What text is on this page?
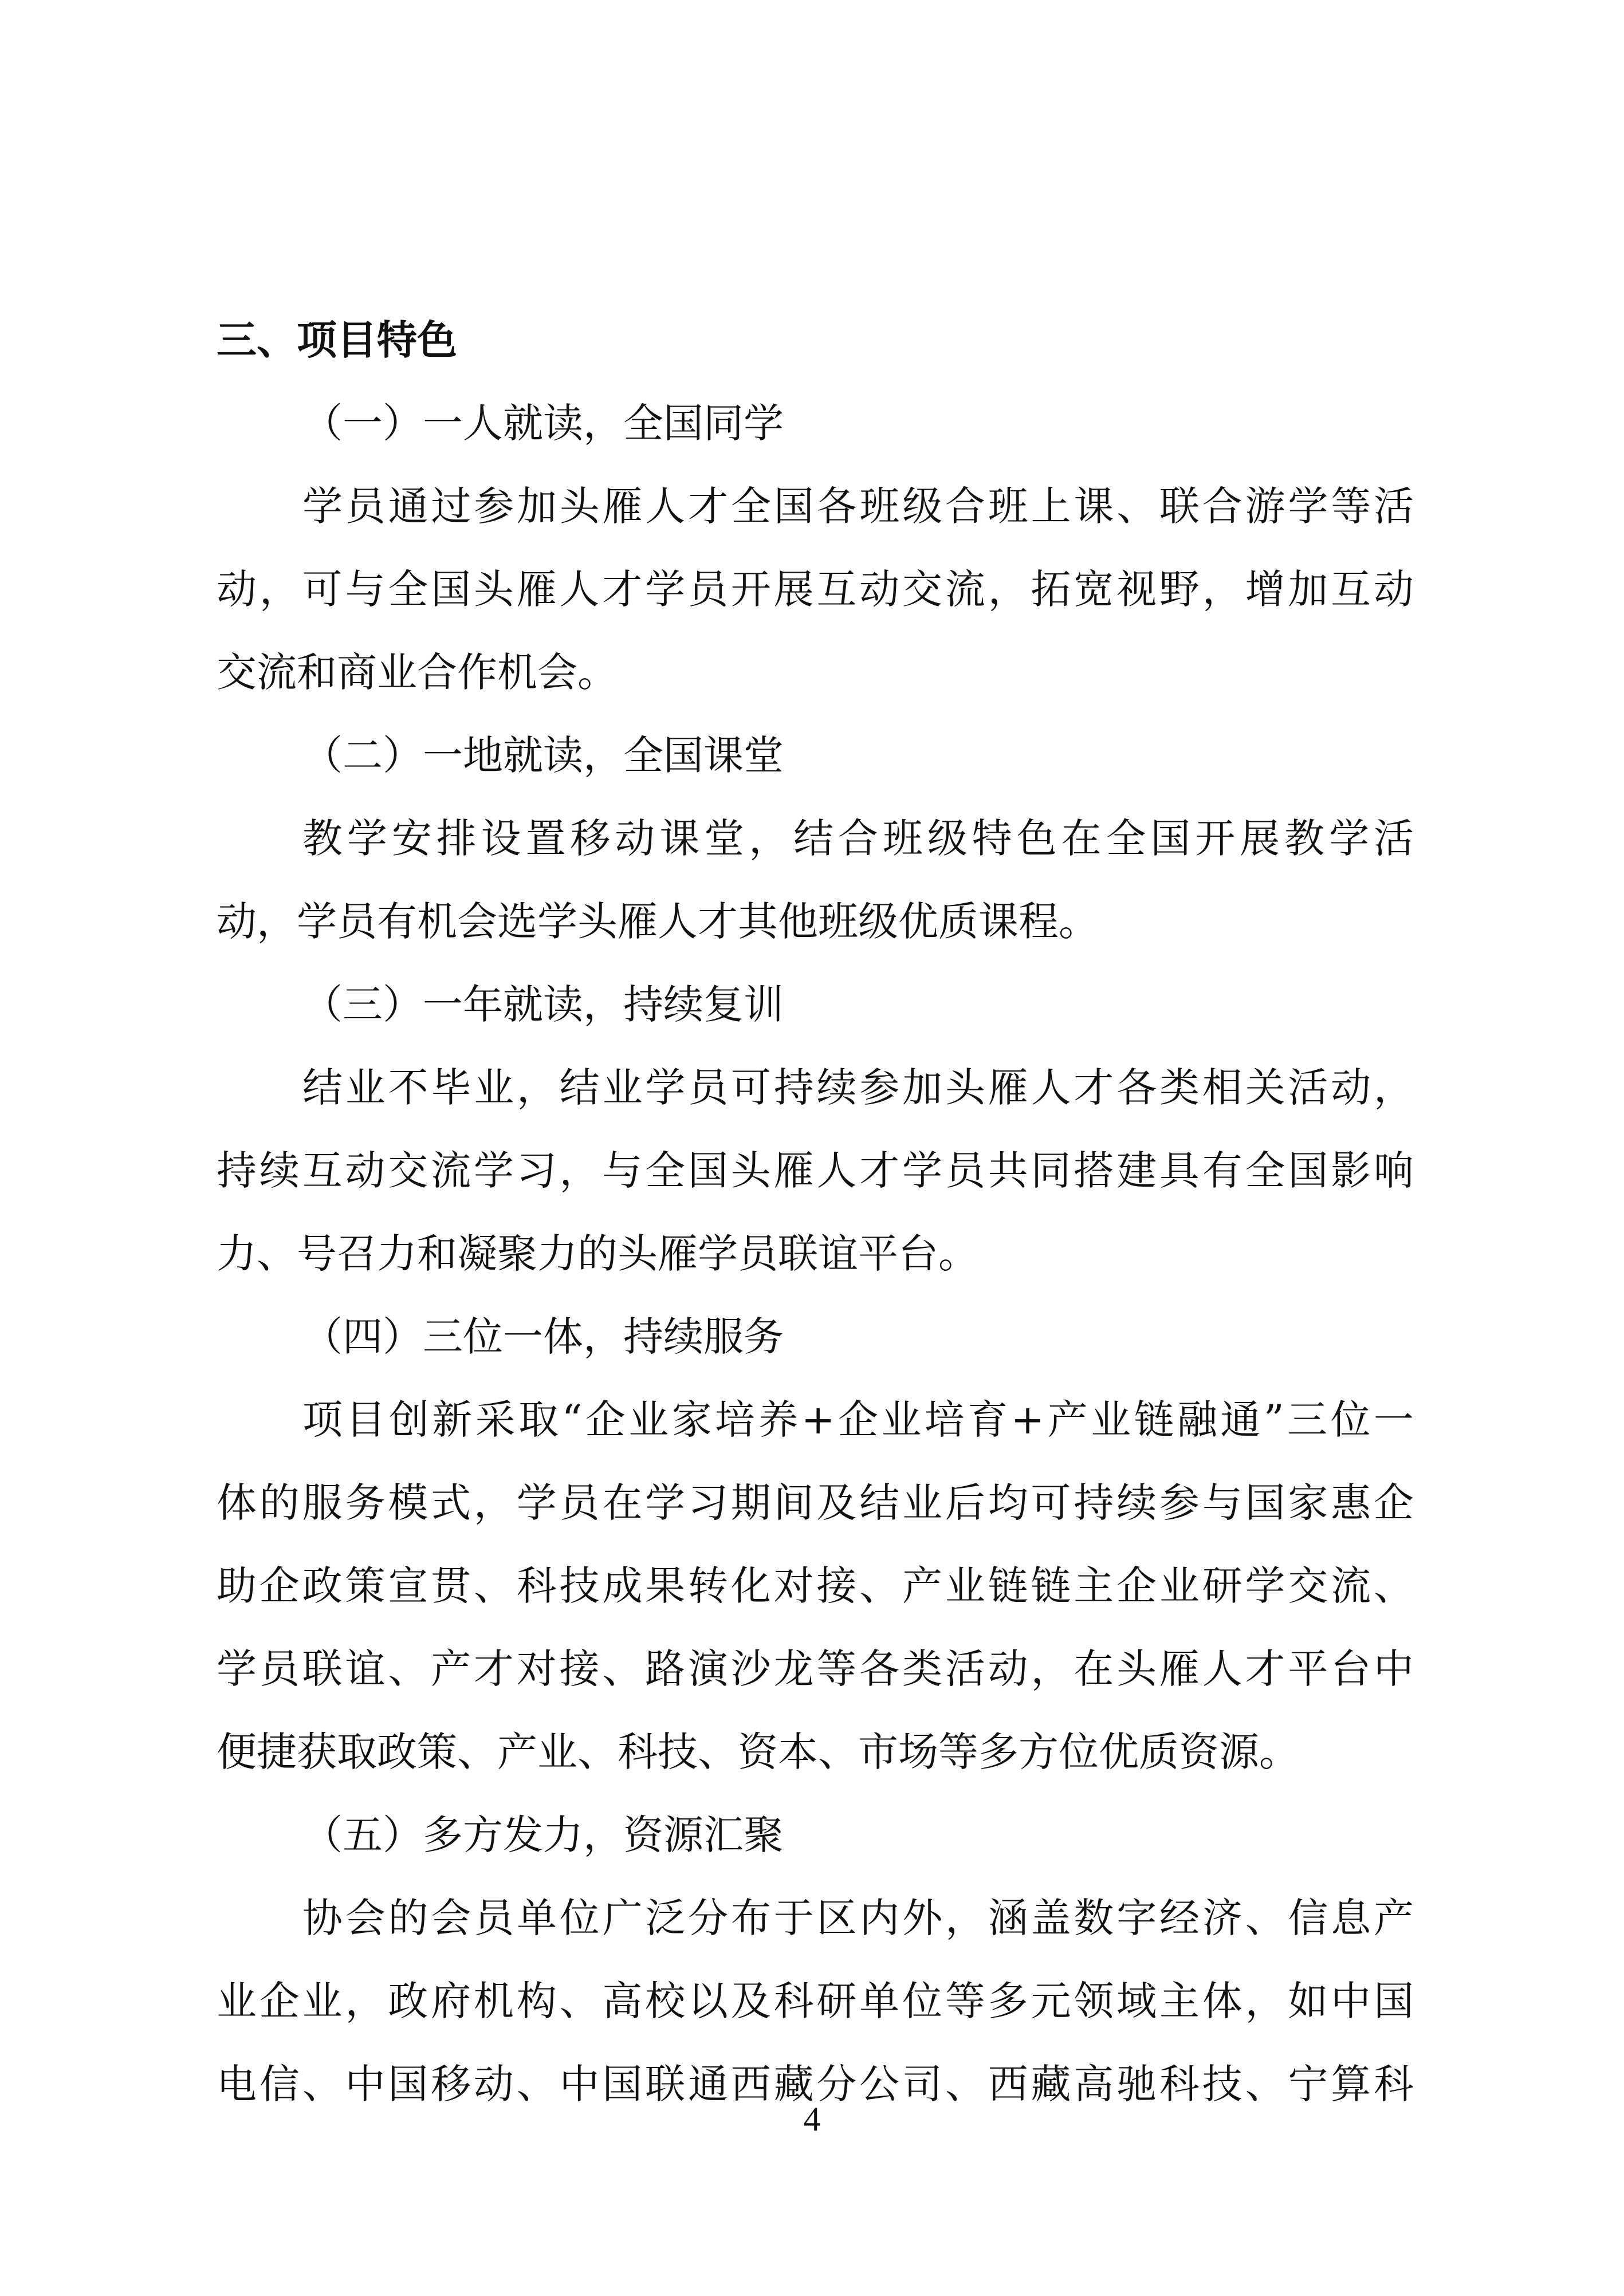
三、项目特色
（一）一人就读，全国同学
学员通过参加头雁人才全国各班级合班上课、联合游学等活
动，可与全国头雁人才学员开展互动交流，拓宽视野，增加互动
交流和商业合作机会。
（二）一地就读，全国课堂
教学安排设置移动课堂，结合班级特色在全国开展教学活
动，学员有机会选学头雁人才其他班级优质课程。
（三）一年就读，持续复训
结业不毕业，结业学员可持续参加头雁人才各类相关活动，
持续互动交流学习，与全国头雁人才学员共同搭建具有全国影响
力、号召力和凝聚力的头雁学员联谊平台。
（四）三位一体，持续服务
项目创新采取“企业家培养+企业培育+产业链融通”三位一
体的服务模式，学员在学习期间及结业后均可持续参与国家惠企
助企政策宣贯、科技成果转化对接、产业链链主企业研学交流、
学员联谊、产才对接、路演沙龙等各类活动，在头雁人才平台中
便捷获取政策、产业、科技、资本、市场等多方位优质资源。
（五）多方发力，资源汇聚
协会的会员单位广泛分布于区内外，涵盖数字经济、信息产
业企业，政府机构、高校以及科研单位等多元领域主体，如中国
电信、中国移动、中国联通西藏分公司、西藏高驰科技、宁算科
4
